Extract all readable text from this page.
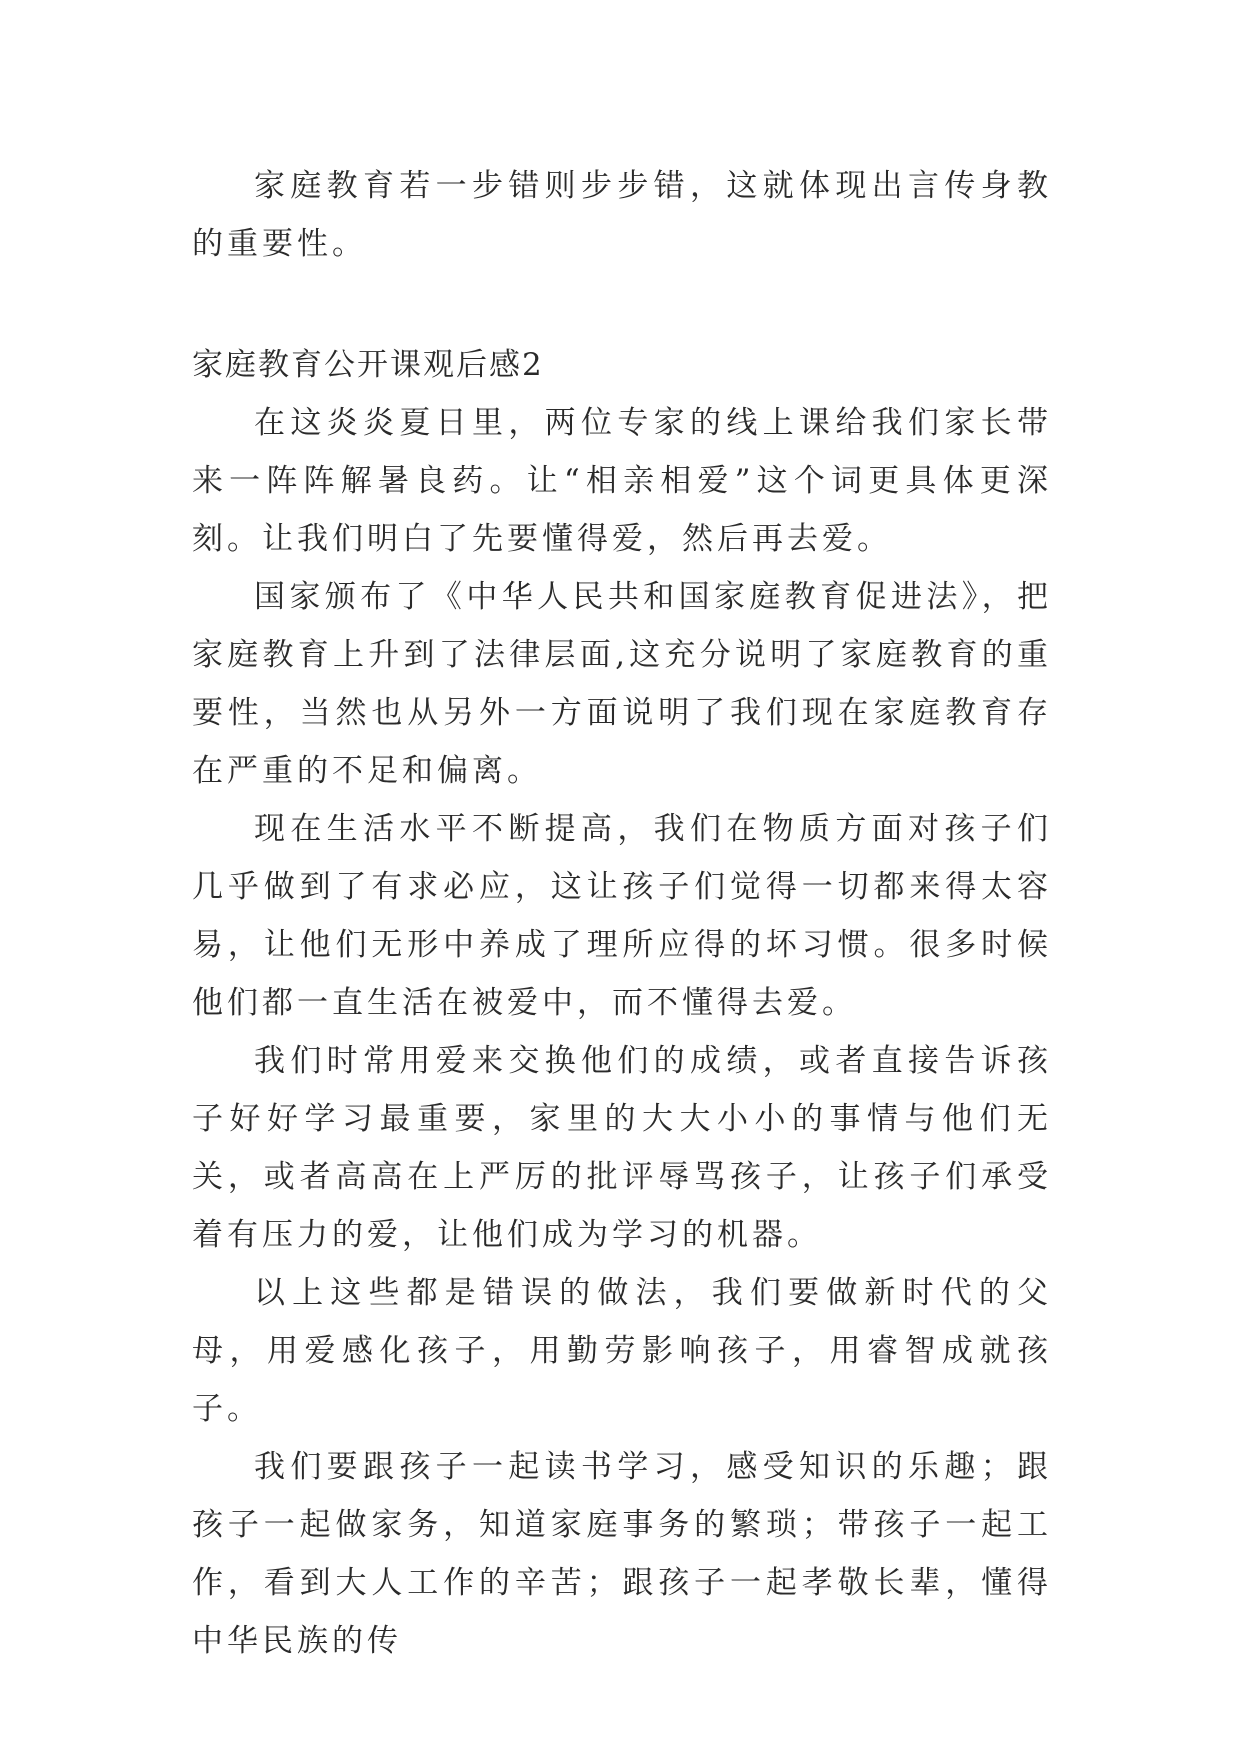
家庭教育若一步错则步步错，这就体现出言传身教的重要性。

家庭教育公开课观后感2

在这炎炎夏日里，两位专家的线上课给我们家长带来一阵阵解暑良药。让“相亲相爱”这个词更具体更深刻。让我们明白了先要懂得爱，然后再去爱。

国家颁布了《中华人民共和国家庭教育促进法》，把家庭教育上升到了法律层面,这充分说明了家庭教育的重要性，当然也从另外一方面说明了我们现在家庭教育存在严重的不足和偏离。

现在生活水平不断提高，我们在物质方面对孩子们几乎做到了有求必应，这让孩子们觉得一切都来得太容易，让他们无形中养成了理所应得的坏习惯。很多时候他们都一直生活在被爱中，而不懂得去爱。

我们时常用爱来交换他们的成绩，或者直接告诉孩子好好学习最重要，家里的大大小小的事情与他们无关，或者高高在上严厉的批评辱骂孩子，让孩子们承受着有压力的爱，让他们成为学习的机器。

以上这些都是错误的做法，我们要做新时代的父母，用爱感化孩子，用勤劳影响孩子，用睿智成就孩子。

我们要跟孩子一起读书学习，感受知识的乐趣；跟孩子一起做家务，知道家庭事务的繁琐；带孩子一起工作，看到大人工作的辛苦；跟孩子一起孝敬长辈，懂得中华民族的传
